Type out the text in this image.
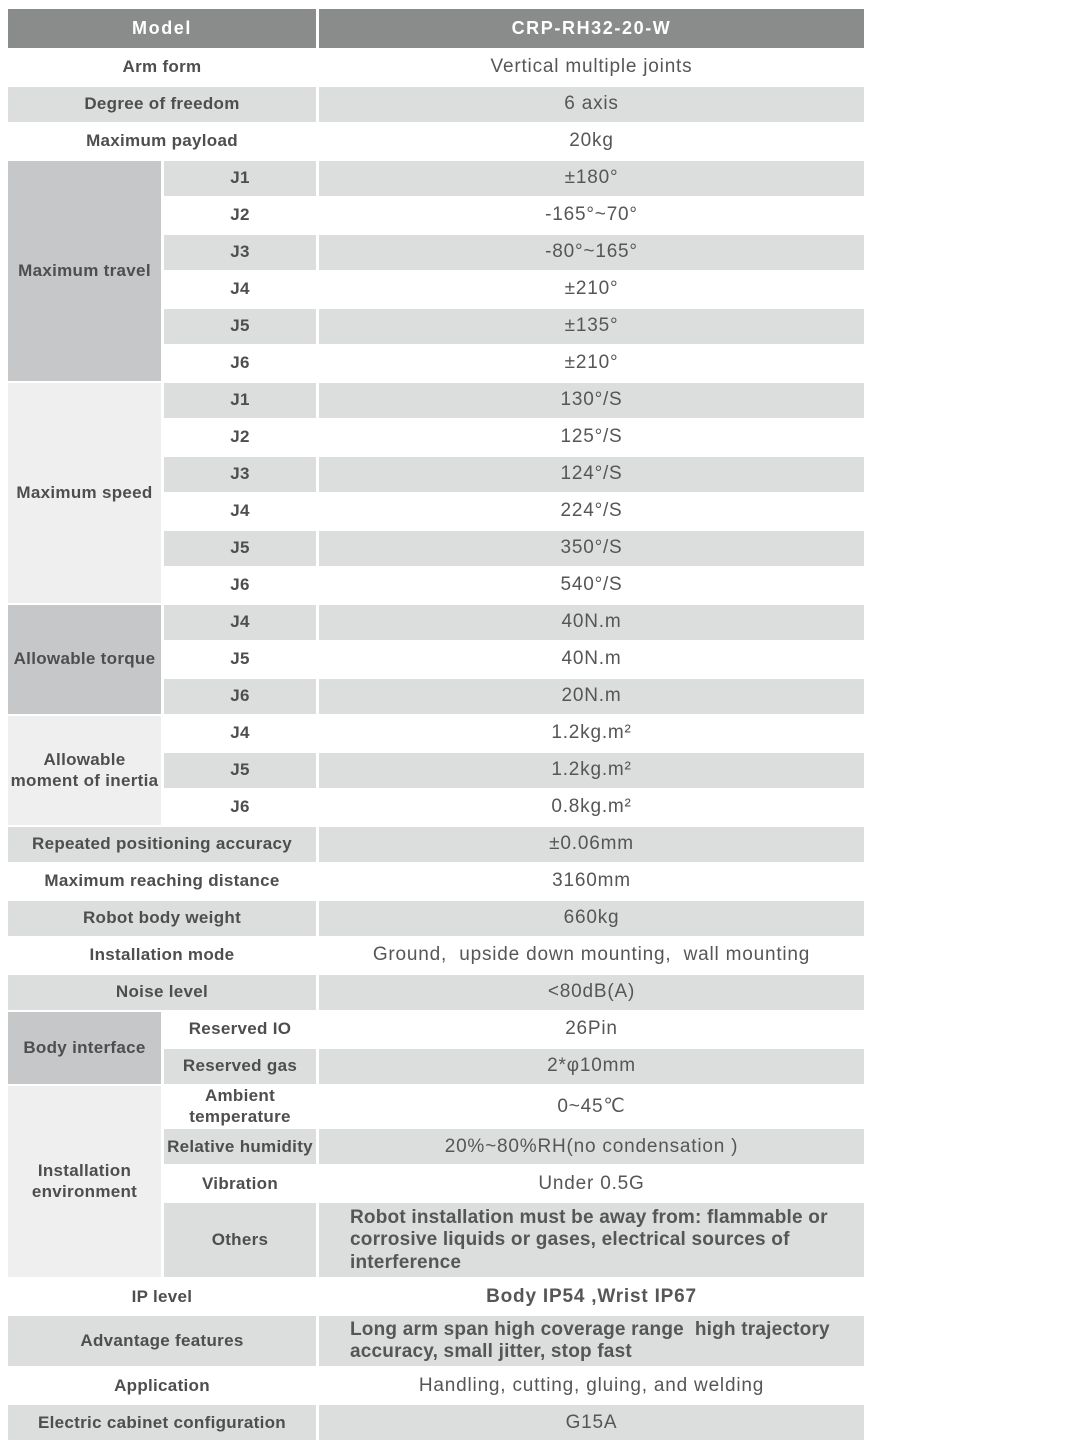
Model		CRP-RH32-20-W
Arm form		Vertical multiple joints
Degree of freedom		6 axis
Maximum payload		20kg
Maximum travel	J1	±180°
	J2	-165°~70°
	J3	-80°~165°
	J4	±210°
	J5	±135°
	J6	±210°
Maximum speed	J1	130°/S
	J2	125°/S
	J3	124°/S
	J4	224°/S
	J5	350°/S
	J6	540°/S
Allowable torque	J4	40N.m
	J5	40N.m
	J6	20N.m
Allowable moment of inertia	J4	1.2kg.m²
	J5	1.2kg.m²
	J6	0.8kg.m²
Repeated positioning accuracy		±0.06mm
Maximum reaching distance		3160mm
Robot body weight		660kg
Installation mode		Ground,  upside down mounting,  wall mounting
Noise level		<80dB(A)
Body interface	Reserved IO	26Pin
	Reserved gas	2*φ10mm
Installation environment	Ambient temperature	0~45℃
	Relative humidity	20%~80%RH(no condensation )
	Vibration	Under 0.5G
	Others	Robot installation must be away from: flammable or corrosive liquids or gases, electrical sources of interference
IP level		Body IP54 ,Wrist IP67
Advantage features		Long arm span high coverage range  high trajectory accuracy, small jitter, stop fast
Application		Handling, cutting, gluing, and welding
Electric cabinet configuration		G15A
